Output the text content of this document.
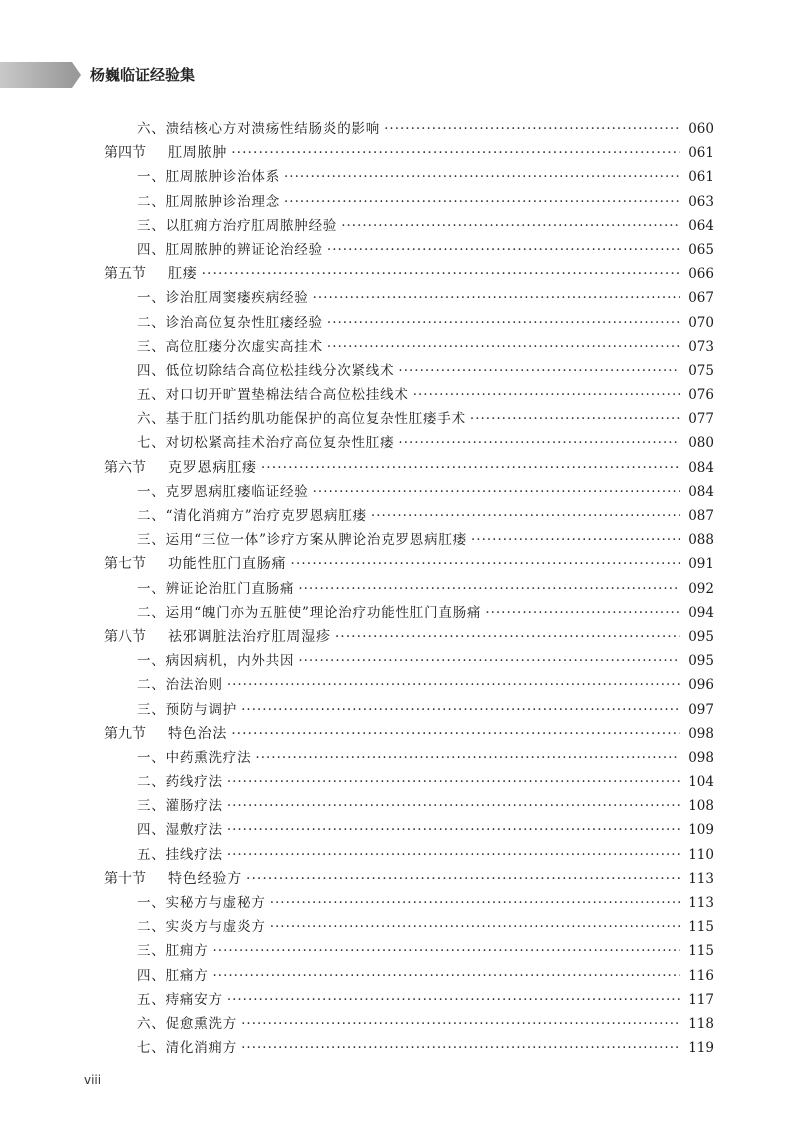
杨巍临证经验集
六、溃结核心方对溃疡性结肠炎的影响 ·····	060
第四节	肛周脓肿 ·····	061
一、肛周脓肿诊治体系 ·····	061
二、肛周脓肿诊治理念 ·····	063
三、以肛痈方治疗肛周脓肿经验 ·····	064
四、肛周脓肿的辨证论治经验 ·····	065
第五节	肛瘘 ·····	066
一、诊治肛周窦瘘疾病经验 ·····	067
二、诊治高位复杂性肛瘘经验 ·····	070
三、高位肛瘘分次虚实高挂术 ·····	073
四、低位切除结合高位松挂线分次紧线术 ·····	075
五、对口切开旷置垫棉法结合高位松挂线术 ·····	076
六、基于肛门括约肌功能保护的高位复杂性肛瘘手术 ·····	077
七、对切松紧高挂术治疗高位复杂性肛瘘 ·····	080
第六节	克罗恩病肛瘘 ·····	084
一、克罗恩病肛瘘临证经验 ·····	084
二、“清化消痈方”治疗克罗恩病肛瘘 ·····	087
三、运用“三位一体”诊疗方案从脾论治克罗恩病肛瘘 ·····	088
第七节	功能性肛门直肠痛 ·····	091
一、辨证论治肛门直肠痛 ·····	092
二、运用“魄门亦为五脏使”理论治疗功能性肛门直肠痛 ·····	094
第八节	祛邪调脏法治疗肛周湿疹 ·····	095
一、病因病机，内外共因 ·····	095
二、治法治则 ·····	096
三、预防与调护 ·····	097
第九节	特色治法 ·····	098
一、中药熏洗疗法 ·····	098
二、药线疗法 ·····	104
三、灌肠疗法 ·····	108
四、湿敷疗法 ·····	109
五、挂线疗法 ·····	110
第十节	特色经验方 ·····	113
一、实秘方与虚秘方 ·····	113
二、实炎方与虚炎方 ·····	115
三、肛痈方 ·····	115
四、肛痛方 ·····	116
五、痔痛安方 ·····	117
六、促愈熏洗方 ·····	118
七、清化消痈方 ·····	119
viii
